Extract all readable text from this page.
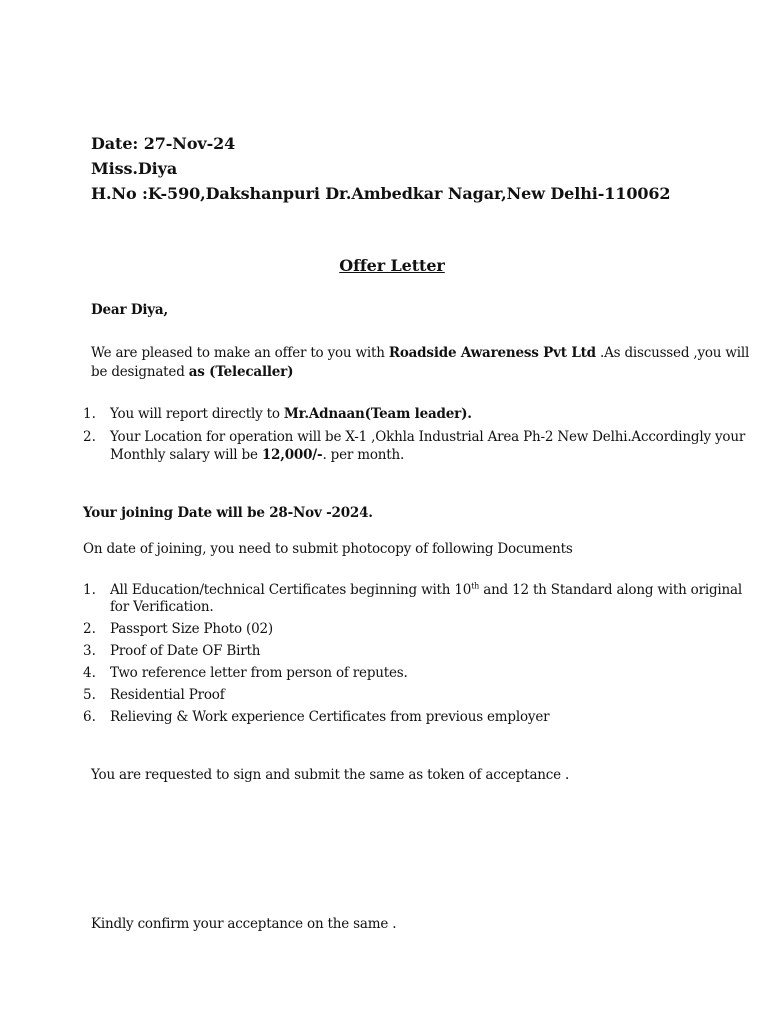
Date: 27-Nov-24
Miss.Diya
H.No :K-590,Dakshanpuri Dr.Ambedkar Nagar,New Delhi-110062
Offer Letter
Dear Diya,
We are pleased to make an offer to you with Roadside Awareness Pvt Ltd .As discussed ,you will
be designated as (Telecaller)
1. You will report directly to Mr.Adnaan(Team leader).
2. Your Location for operation will be X-1 ,Okhla Industrial Area Ph-2 New Delhi.Accordingly your
Monthly salary will be 12,000/-. per month.
Your joining Date will be 28-Nov -2024.
On date of joining, you need to submit photocopy of following Documents
1. All Education/technical Certificates beginning with 10th and 12 th Standard along with original
for Verification.
2. Passport Size Photo (02)
3. Proof of Date OF Birth
4. Two reference letter from person of reputes.
5. Residential Proof
6. Relieving & Work experience Certificates from previous employer
You are requested to sign and submit the same as token of acceptance .
Kindly confirm your acceptance on the same .
